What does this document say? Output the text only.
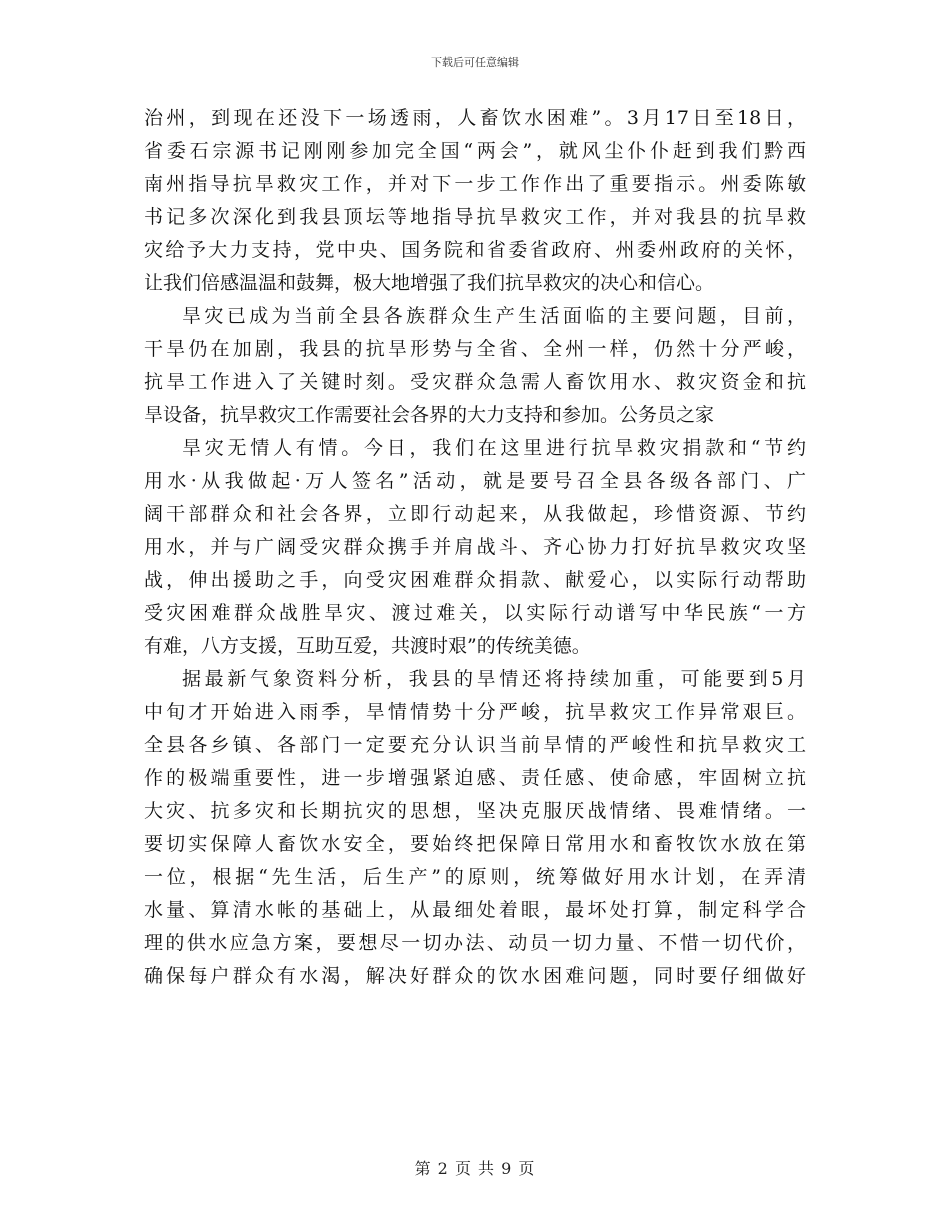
下载后可任意编辑
治州，到现在还没下一场透雨，人畜饮水困难”。3月17日至18日，
省委石宗源书记刚刚参加完全国“两会”，就风尘仆仆赶到我们黔西
南州指导抗旱救灾工作，并对下一步工作作出了重要指示。州委陈敏
书记多次深化到我县顶坛等地指导抗旱救灾工作，并对我县的抗旱救
灾给予大力支持，党中央、国务院和省委省政府、州委州政府的关怀，
让我们倍感温温和鼓舞，极大地增强了我们抗旱救灾的决心和信心。
旱灾已成为当前全县各族群众生产生活面临的主要问题，目前，
干旱仍在加剧，我县的抗旱形势与全省、全州一样，仍然十分严峻，
抗旱工作进入了关键时刻。受灾群众急需人畜饮用水、救灾资金和抗
旱设备，抗旱救灾工作需要社会各界的大力支持和参加。公务员之家
旱灾无情人有情。今日，我们在这里进行抗旱救灾捐款和“节约
用水·从我做起·万人签名”活动，就是要号召全县各级各部门、广
阔干部群众和社会各界，立即行动起来，从我做起，珍惜资源、节约
用水，并与广阔受灾群众携手并肩战斗、齐心协力打好抗旱救灾攻坚
战，伸出援助之手，向受灾困难群众捐款、献爱心，以实际行动帮助
受灾困难群众战胜旱灾、渡过难关，以实际行动谱写中华民族“一方
有难，八方支援，互助互爱，共渡时艰”的传统美德。
据最新气象资料分析，我县的旱情还将持续加重，可能要到5月
中旬才开始进入雨季，旱情情势十分严峻，抗旱救灾工作异常艰巨。
全县各乡镇、各部门一定要充分认识当前旱情的严峻性和抗旱救灾工
作的极端重要性，进一步增强紧迫感、责任感、使命感，牢固树立抗
大灾、抗多灾和长期抗灾的思想，坚决克服厌战情绪、畏难情绪。一
要切实保障人畜饮水安全，要始终把保障日常用水和畜牧饮水放在第
一位，根据“先生活，后生产”的原则，统筹做好用水计划，在弄清
水量、算清水帐的基础上，从最细处着眼，最坏处打算，制定科学合
理的供水应急方案，要想尽一切办法、动员一切力量、不惜一切代价，
确保每户群众有水渴，解决好群众的饮水困难问题，同时要仔细做好
第 2 页 共 9 页
